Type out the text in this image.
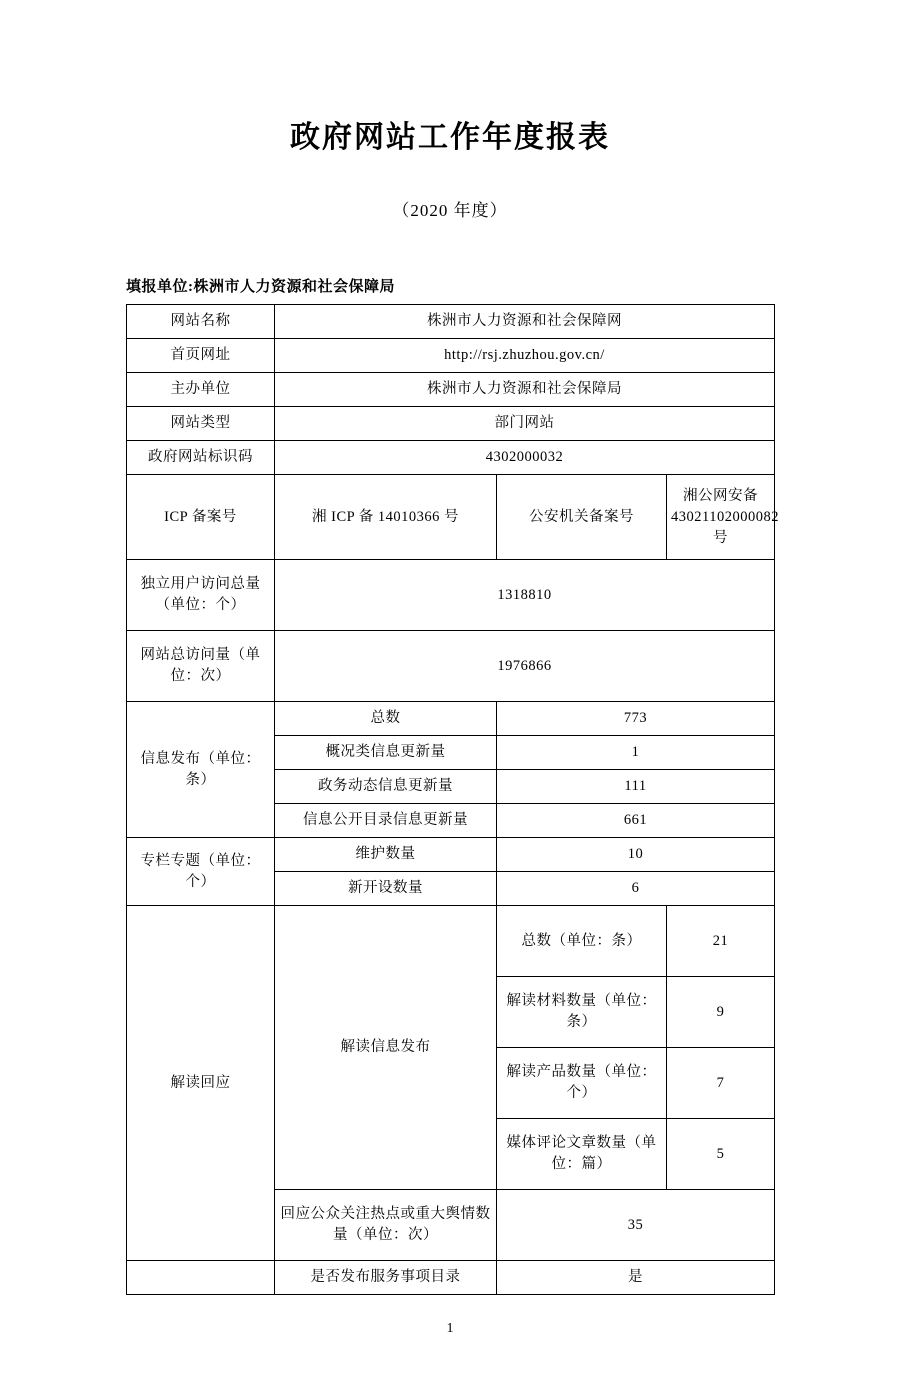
政府网站工作年度报表
（2020 年度）
填报单位:株洲市人力资源和社会保障局
网站名称	株洲市人力资源和社会保障网		
首页网址	http://rsj.zhuzhou.gov.cn/		
主办单位	株洲市人力资源和社会保障局		
网站类型	部门网站		
政府网站标识码	4302000032		
ICP 备案号	湘 ICP 备 14010366 号	公安机关备案号	湘公网安备 43021102000082 号
独立用户访问总量（单位：个）	1318810		
网站总访问量（单位：次）	1976866		
信息发布（单位：条）	总数	773	
	概况类信息更新量	1	
	政务动态信息更新量	111	
	信息公开目录信息更新量	661	
专栏专题（单位：个）	维护数量	10	
	新开设数量	6	
解读回应	解读信息发布	总数（单位：条）	21
		解读材料数量（单位：条）	9
		解读产品数量（单位：个）	7
		媒体评论文章数量（单位：篇）	5
	回应公众关注热点或重大舆情数量（单位：次）	35	
	是否发布服务事项目录	是	
1
